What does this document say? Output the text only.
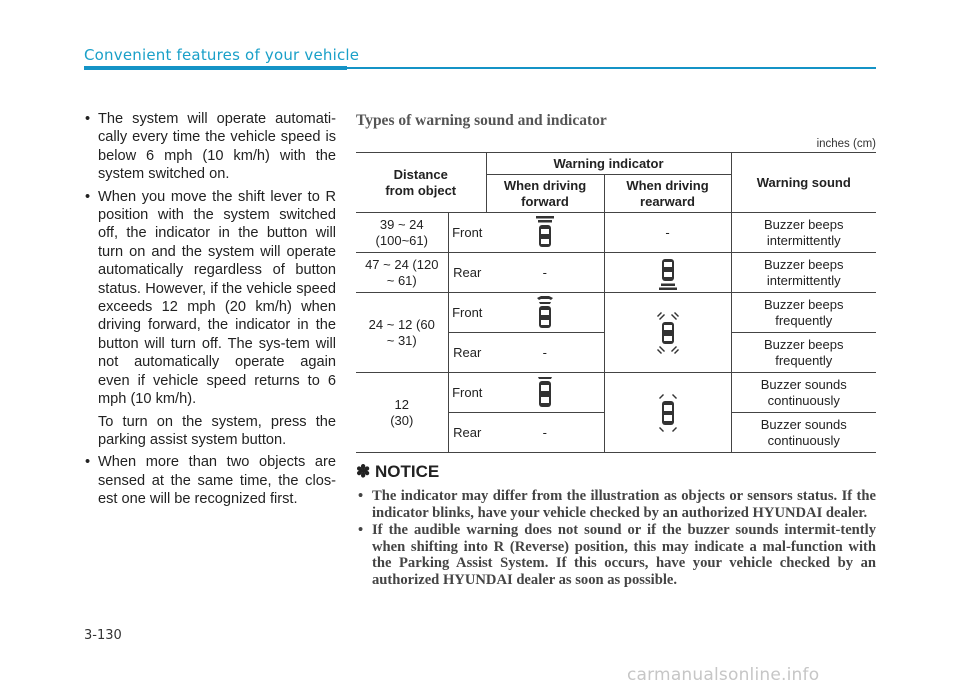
Convenient features of your vehicle
• The system will operate automati-cally every time the vehicle speed is below 6 mph (10 km/h) with the system switched on.
• When you move the shift lever to R position with the system switched off, the indicator in the button will turn on and the system will operate automatically regardless of button status. However, if the vehicle speed exceeds 12 mph (20 km/h) when driving forward, the indicator in the button will turn off. The sys-tem will not automatically operate again even if vehicle speed returns to 6 mph (10 km/h).
To turn on the system, press the parking assist system button.
• When more than two objects are sensed at the same time, the clos-est one will be recognized first.
Types of warning sound and indicator
inches (cm)
Distance from object		Warning indicator		Warning sound
		When driving forward	When driving rearward	
39 ~ 24 (100~61)	Front		-	Buzzer beeps intermittently
47 ~ 24 (120 ~ 61)	Rear	-		Buzzer beeps intermittently
24 ~ 12 (60 ~ 31)	Front			Buzzer beeps frequently
	Rear	-		Buzzer beeps frequently
12 (30)	Front			Buzzer sounds continuously
	Rear	-		Buzzer sounds continuously
✽ NOTICE
• The indicator may differ from the illustration as objects or sensors status. If the indicator blinks, have your vehicle checked by an authorized HYUNDAI dealer.
• If the audible warning does not sound or if the buzzer sounds intermit-tently when shifting into R (Reverse) position, this may indicate a mal-function with the Parking Assist System. If this occurs, have your vehicle checked by an authorized HYUNDAI dealer as soon as possible.
3-130
carmanualsonline.info
